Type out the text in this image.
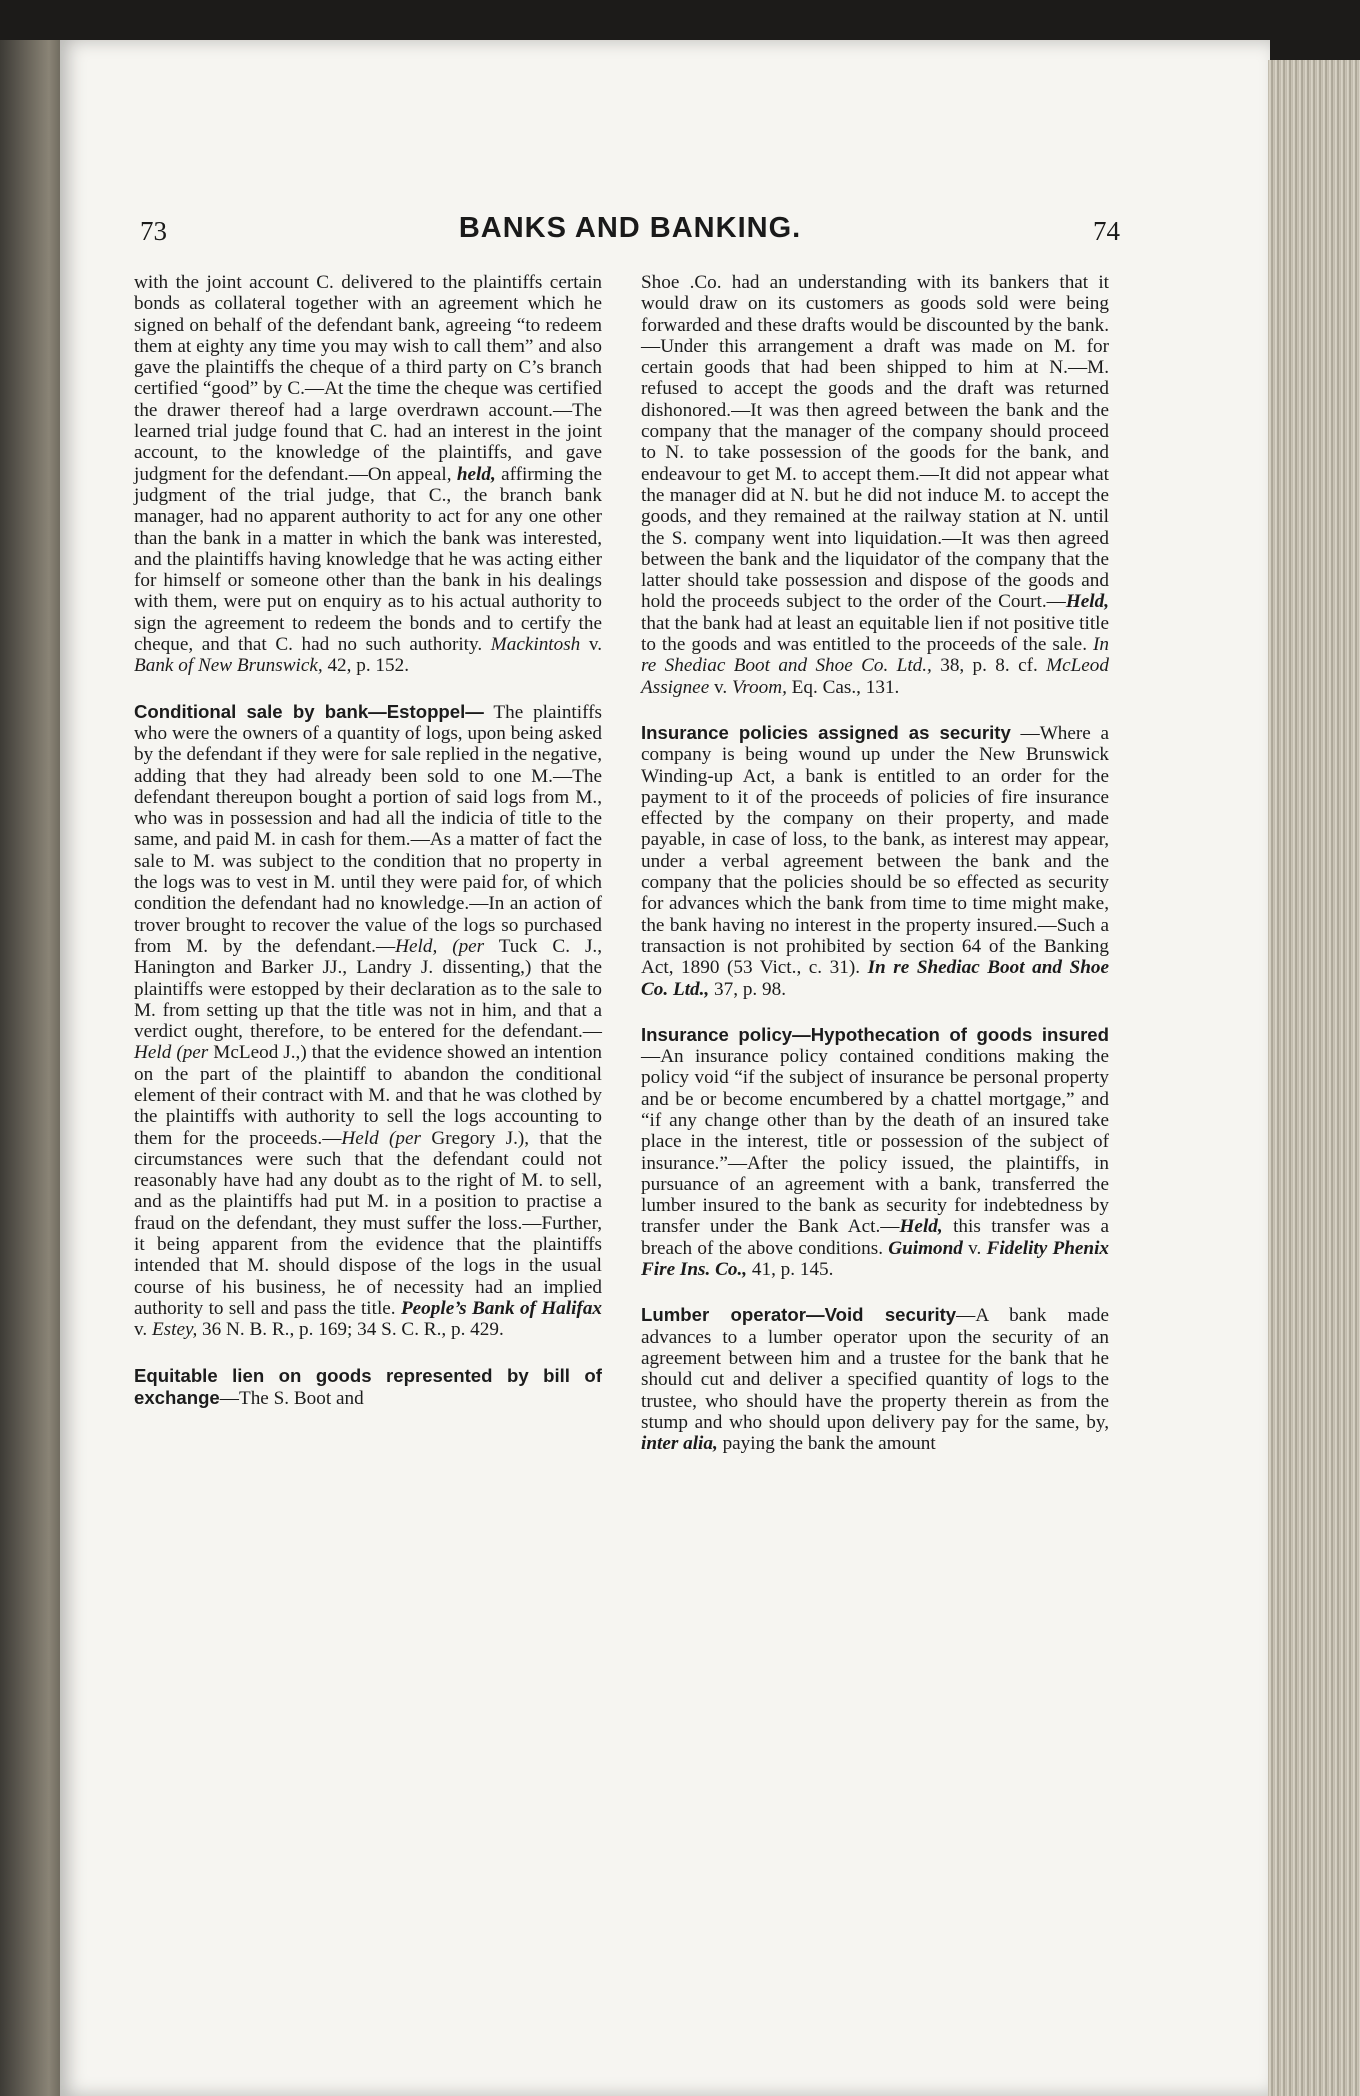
73	BANKS AND BANKING.	74

with the joint account C. delivered to the plaintiffs certain bonds as collateral together with an agreement which he signed on behalf of the defendant bank, agreeing “to redeem them at eighty any time you may wish to call them” and also gave the plaintiffs the cheque of a third party on C’s branch certified “good” by C.—At the time the cheque was certified the drawer thereof had a large overdrawn account.—The learned trial judge found that C. had an interest in the joint account, to the knowledge of the plaintiffs, and gave judgment for the defendant.—On appeal, held, affirming the judgment of the trial judge, that C., the branch bank manager, had no apparent authority to act for any one other than the bank in a matter in which the bank was interested, and the plaintiffs having knowledge that he was acting either for himself or someone other than the bank in his dealings with them, were put on enquiry as to his actual authority to sign the agreement to redeem the bonds and to certify the cheque, and that C. had no such authority. Mackintosh v. Bank of New Brunswick, 42, p. 152.

Conditional sale by bank—Estoppel— The plaintiffs who were the owners of a quantity of logs, upon being asked by the defendant if they were for sale replied in the negative, adding that they had already been sold to one M.—The defendant thereupon bought a portion of said logs from M., who was in possession and had all the indicia of title to the same, and paid M. in cash for them.—As a matter of fact the sale to M. was subject to the condition that no property in the logs was to vest in M. until they were paid for, of which condition the defendant had no knowledge.—In an action of trover brought to recover the value of the logs so purchased from M. by the defendant.—Held, (per Tuck C. J., Hanington and Barker JJ., Landry J. dissenting,) that the plaintiffs were estopped by their declaration as to the sale to M. from setting up that the title was not in him, and that a verdict ought, therefore, to be entered for the defendant.—Held (per McLeod J.,) that the evidence showed an intention on the part of the plaintiff to abandon the conditional element of their contract with M. and that he was clothed by the plaintiffs with authority to sell the logs accounting to them for the proceeds.—Held (per Gregory J.), that the circumstances were such that the defendant could not reasonably have had any doubt as to the right of M. to sell, and as the plaintiffs had put M. in a position to practise a fraud on the defendant, they must suffer the loss.—Further, it being apparent from the evidence that the plaintiffs intended that M. should dispose of the logs in the usual course of his business, he of necessity had an implied authority to sell and pass the title. People’s Bank of Halifax v. Estey, 36 N. B. R., p. 169; 34 S. C. R., p. 429.

Equitable lien on goods represented by bill of exchange—The S. Boot and

Shoe .Co. had an understanding with its bankers that it would draw on its customers as goods sold were being forwarded and these drafts would be discounted by the bank.—Under this arrangement a draft was made on M. for certain goods that had been shipped to him at N.—M. refused to accept the goods and the draft was returned dishonored.—It was then agreed between the bank and the company that the manager of the company should proceed to N. to take possession of the goods for the bank, and endeavour to get M. to accept them.—It did not appear what the manager did at N. but he did not induce M. to accept the goods, and they remained at the railway station at N. until the S. company went into liquidation.—It was then agreed between the bank and the liquidator of the company that the latter should take possession and dispose of the goods and hold the proceeds subject to the order of the Court.—Held, that the bank had at least an equitable lien if not positive title to the goods and was entitled to the proceeds of the sale. In re Shediac Boot and Shoe Co. Ltd., 38, p. 8. cf. McLeod Assignee v. Vroom, Eq. Cas., 131.

Insurance policies assigned as security —Where a company is being wound up under the New Brunswick Winding-up Act, a bank is entitled to an order for the payment to it of the proceeds of policies of fire insurance effected by the company on their property, and made payable, in case of loss, to the bank, as interest may appear, under a verbal agreement between the bank and the company that the policies should be so effected as security for advances which the bank from time to time might make, the bank having no interest in the property insured.—Such a transaction is not prohibited by section 64 of the Banking Act, 1890 (53 Vict., c. 31). In re Shediac Boot and Shoe Co. Ltd., 37, p. 98.

Insurance policy—Hypothecation of goods insured—An insurance policy contained conditions making the policy void “if the subject of insurance be personal property and be or become encumbered by a chattel mortgage,” and “if any change other than by the death of an insured take place in the interest, title or possession of the subject of insurance.”—After the policy issued, the plaintiffs, in pursuance of an agreement with a bank, transferred the lumber insured to the bank as security for indebtedness by transfer under the Bank Act.—Held, this transfer was a breach of the above conditions. Guimond v. Fidelity Phenix Fire Ins. Co., 41, p. 145.

Lumber operator—Void security—A bank made advances to a lumber operator upon the security of an agreement between him and a trustee for the bank that he should cut and deliver a specified quantity of logs to the trustee, who should have the property therein as from the stump and who should upon delivery pay for the same, by, inter alia, paying the bank the amount
